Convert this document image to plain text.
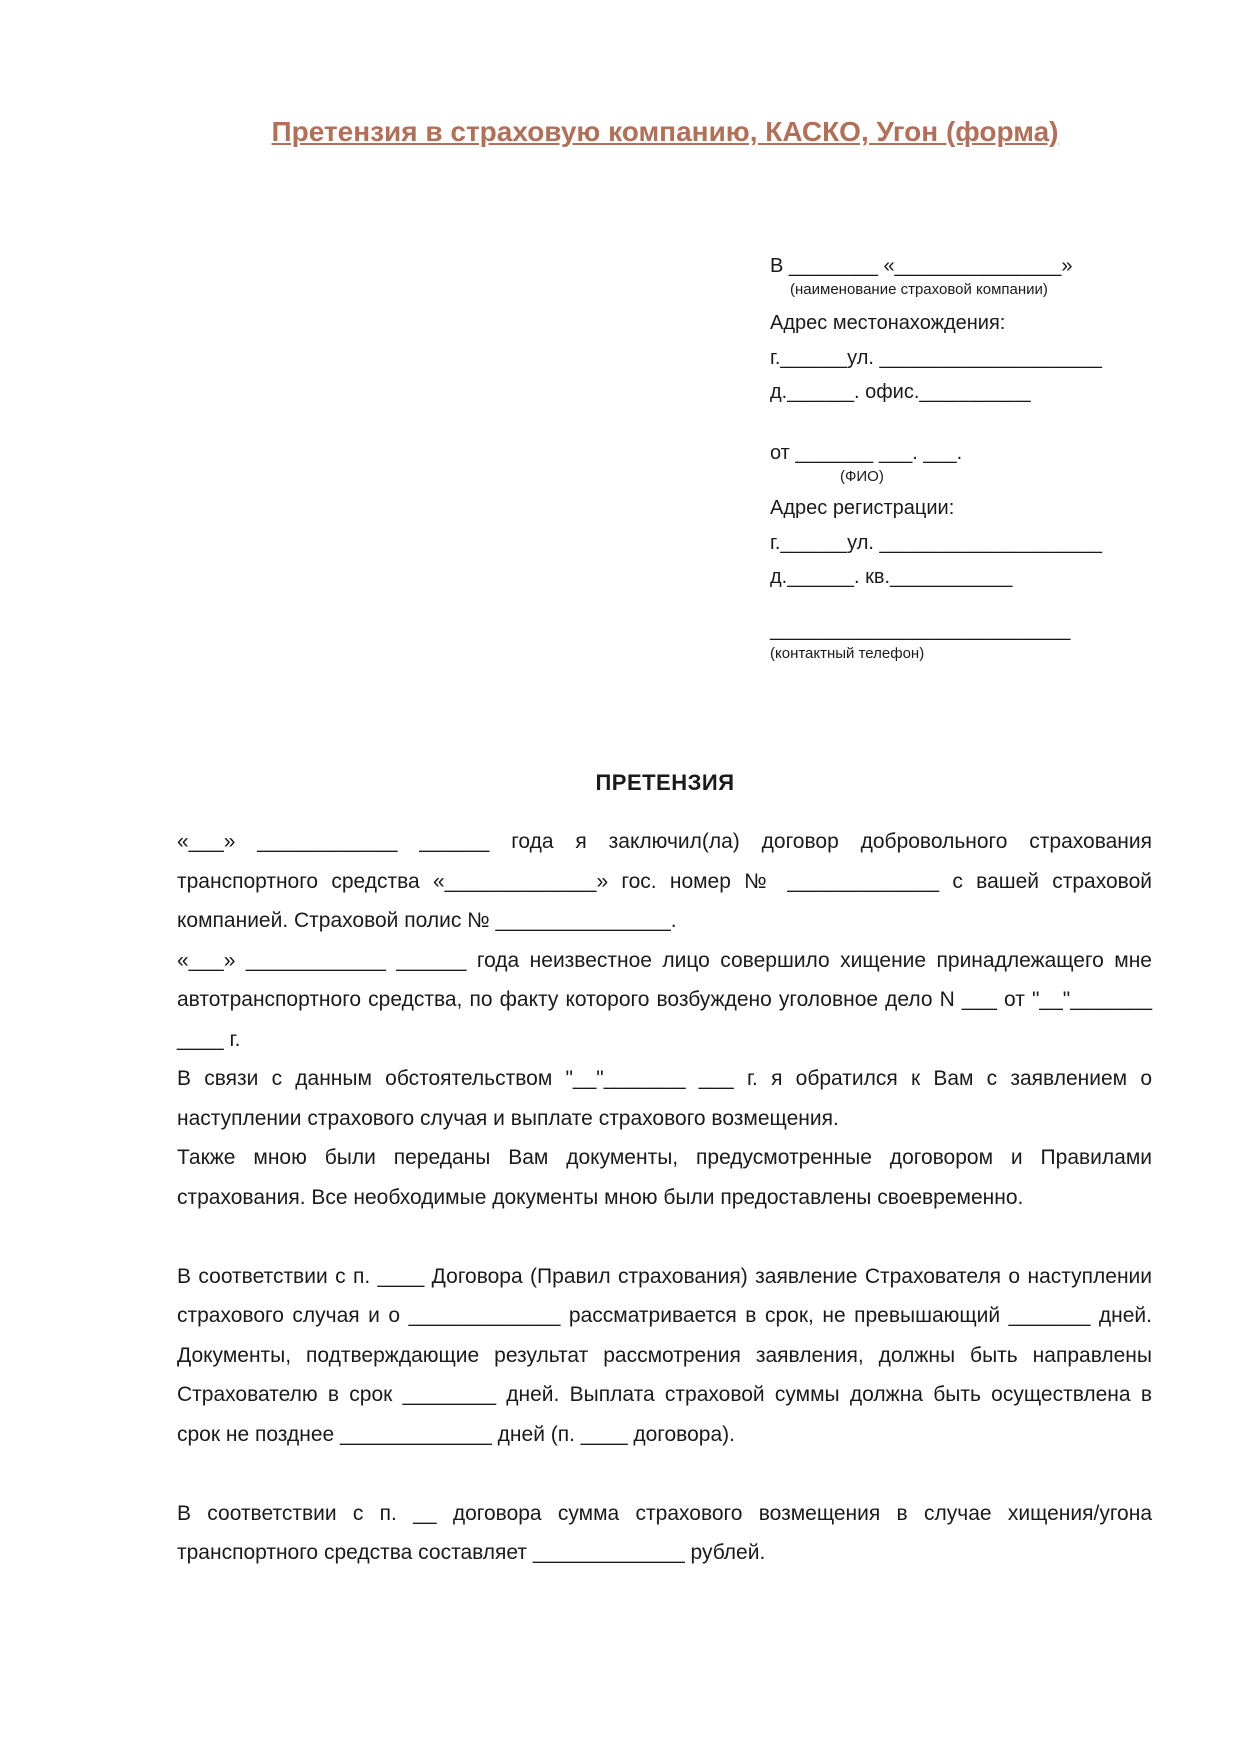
Претензия в страховую компанию, КАСКО, Угон (форма)
В ________ «_______________»
(наименование страховой компании)
Адрес местонахождения:
г.______ул. ____________________
д.______. офис.__________
от _______ ___. ___.
(ФИО)
Адрес регистрации:
г.______ул. ____________________
д.______. кв.___________
___________________________
(контактный телефон)
ПРЕТЕНЗИЯ

«___» ____________ ______ года я заключил(ла) договор добровольного страхования транспортного средства «_____________» гос. номер № _____________ с вашей страховой компанией. Страховой полис № _______________.

«___» ____________ ______ года неизвестное лицо совершило хищение принадлежащего мне автотранспортного средства, по факту которого возбуждено уголовное дело N ___ от "__"_______ ____ г.

В связи с данным обстоятельством "__"_______ ___ г. я обратился к Вам с заявлением о наступлении страхового случая и выплате страхового возмещения.

Также мною были переданы Вам документы, предусмотренные договором и Правилами страхования. Все необходимые документы мною были предоставлены своевременно.

В соответствии с п. ____ Договора (Правил страхования) заявление Страхователя о наступлении страхового случая и о _____________ рассматривается в срок, не превышающий _______ дней. Документы, подтверждающие результат рассмотрения заявления, должны быть направлены Страхователю в срок ________ дней. Выплата страховой суммы должна быть осуществлена в срок не позднее _____________ дней (п. ____ договора).

В соответствии с п. __ договора сумма страхового возмещения в случае хищения/угона транспортного средства составляет _____________ рублей.
